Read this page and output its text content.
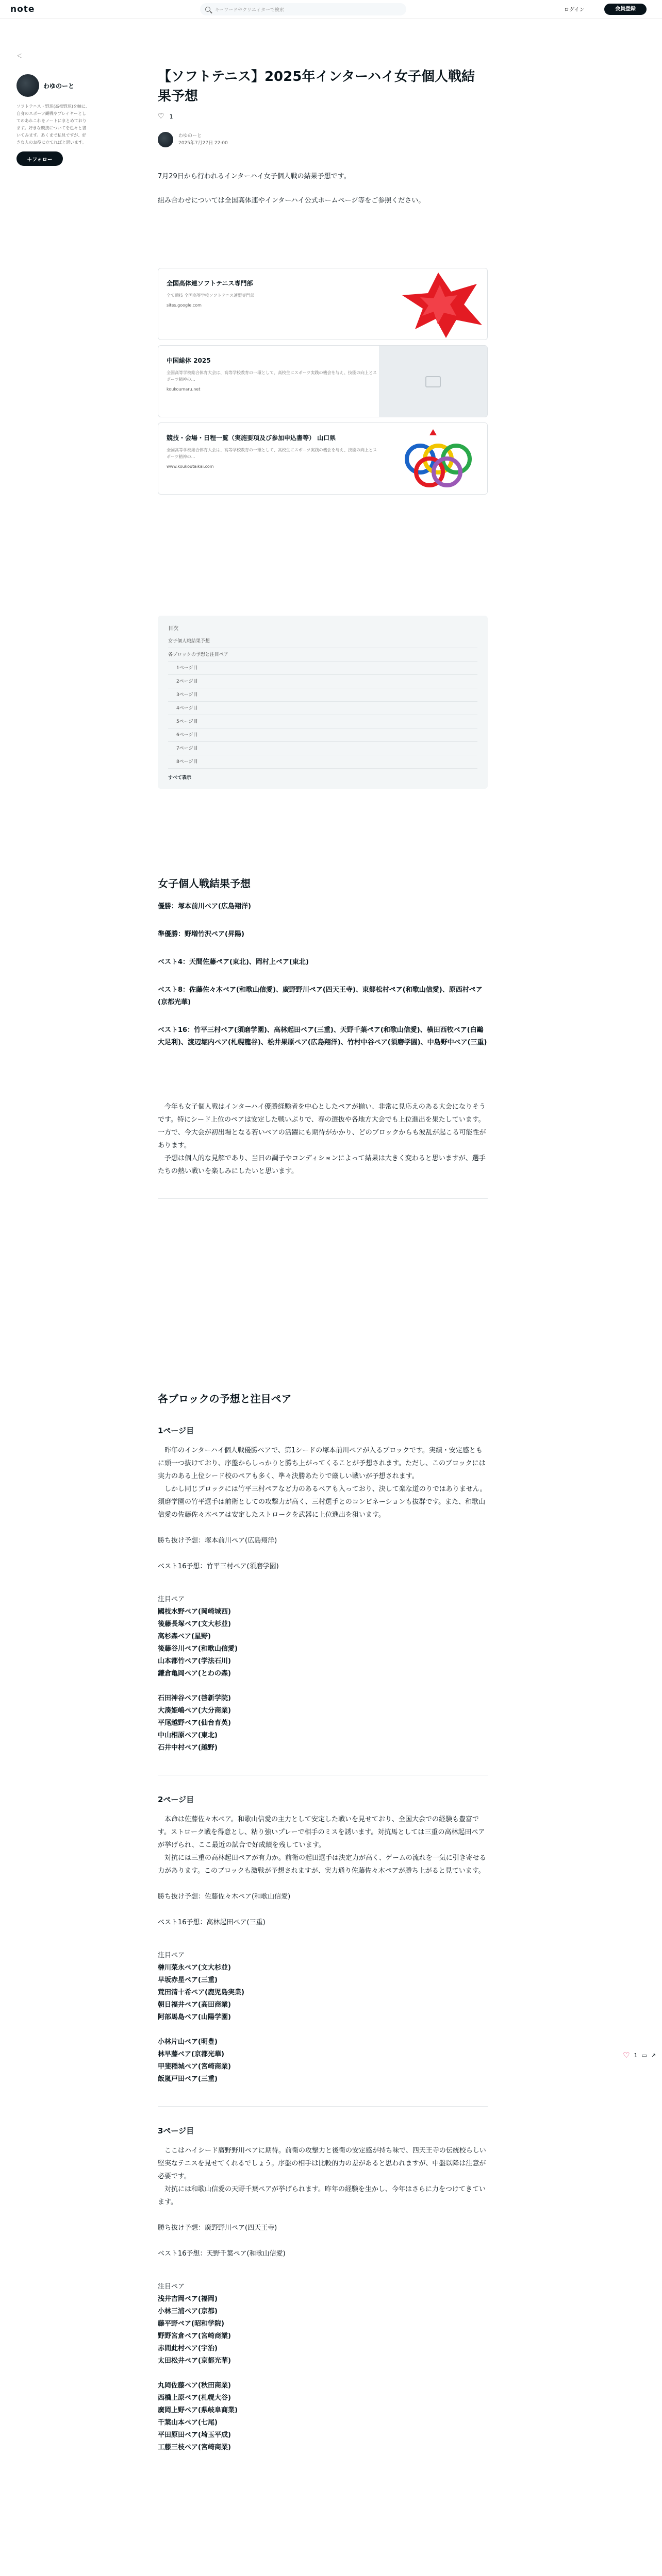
note	キーワードやクリエイターで検索	ログイン	会員登録
＜
わゆのーと
ソフトテニス・野球(高校野球)を軸に、自身のスポーツ観戦やプレイヤーとしてのあれこれをノートにまとめております。好きな競技についてを色々と書いてみます。あくまで私見ですが、好きな人のお役に立てればと思います。
＋フォロー
【ソフトテニス】2025年インターハイ女子個人戦結果予想
♡ 1
わゆのーと
2025年7月27日 22:00

7月29日から行われるインターハイ女子個人戦の結果予想です。

組み合わせについては全国高体連やインターハイ公式ホームページ等をご参照ください。

全国高体連ソフトテニス専門部
全て競技 全国高等学校ソフトテニス連盟専門部
sites.google.com
中国総体 2025
全国高等学校総合体育大会は、高等学校教育の一環として、高校生にスポーツ実践の機会を与え、技能の向上とスポーツ精神の…
koukoumaru.net
競技・会場・日程一覧（実施要項及び参加申込書等） 山口県
全国高等学校総合体育大会は、高等学校教育の一環として、高校生にスポーツ実践の機会を与え、技能の向上とスポーツ精神の…
www.koukoutaikai.com
目次
女子個人戦結果予想
各ブロックの予想と注目ペア
1ページ目
2ページ目
3ページ目
4ページ目
5ページ目
6ページ目
7ページ目
8ページ目
すべて表示
女子個人戦結果予想
優勝：塚本前川ペア(広島翔洋)
準優勝：野増竹沢ペア(昇陽)
ベスト4：天間佐藤ペア(東北)、岡村上ペア(東北)
ベスト8：佐藤佐々木ペア(和歌山信愛)、廣野野川ペア(四天王寺)、東郷松村ペア(和歌山信愛)、原西村ペア(京都光華)
ベスト16：竹平三村ペア(須磨学園)、高林起田ペア(三重)、天野千葉ペア(和歌山信愛)、横田西牧ペア(白鷗大足利)、渡辺堀内ペア(札幌龍谷)、松井果原ペア(広島翔洋)、竹村中谷ペア(須磨学園)、中島野中ペア(三重)

　今年も女子個人戦はインターハイ優勝経験者を中心としたペアが揃い、非常に見応えのある大会になりそうです。特にシード上位のペアは安定した戦いぶりで、春の選抜や各地方大会でも上位進出を果たしています。一方で、今大会が初出場となる若いペアの活躍にも期待がかかり、どのブロックからも波乱が起こる可能性があります。

　予想は個人的な見解であり、当日の調子やコンディションによって結果は大きく変わると思いますが、選手たちの熱い戦いを楽しみにしたいと思います。

各ブロックの予想と注目ペア
1ページ目

　昨年のインターハイ個人戦優勝ペアで、第1シードの塚本前川ペアが入るブロックです。実績・安定感ともに頭一つ抜けており、序盤からしっかりと勝ち上がってくることが予想されます。ただし、このブロックには実力のある上位シード校のペアも多く、準々決勝あたりで厳しい戦いが予想されます。

　しかし同じブロックには竹平三村ペアなど力のあるペアも入っており、決して楽な道のりではありません。須磨学園の竹平選手は前衛としての攻撃力が高く、三村選手とのコンビネーションも抜群です。また、和歌山信愛の佐藤佐々木ペアは安定したストロークを武器に上位進出を狙います。

勝ち抜け予想：塚本前川ペア(広島翔洋)
ベスト16予想：竹平三村ペア(須磨学園)
注目ペア
國枝水野ペア(岡崎城西)
後藤長塚ペア(文大杉並)
高杉森ペア(星野)
後藤谷川ペア(和歌山信愛)
山本都竹ペア(学法石川)
鎌倉亀岡ペア(とわの森)
石田神谷ペア(啓新学院)
大湊姫嶋ペア(大分商業)
平尾越野ペア(仙台育英)
中山相原ペア(東北)
石井中村ペア(越野)
2ページ目

　本命は佐藤佐々木ペア。和歌山信愛の主力として安定した戦いを見せており、全国大会での経験も豊富です。ストローク戦を得意とし、粘り強いプレーで相手のミスを誘います。対抗馬としては三重の高林起田ペアが挙げられ、ここ最近の試合で好成績を残しています。

　対抗には三重の高林起田ペアが有力か。前衛の起田選手は決定力が高く、ゲームの流れを一気に引き寄せる力があります。このブロックも激戦が予想されますが、実力通り佐藤佐々木ペアが勝ち上がると見ています。

勝ち抜け予想：佐藤佐々木ペア(和歌山信愛)
ベスト16予想：高林起田ペア(三重)
注目ペア
榊川菜永ペア(文大杉並)
早坂赤星ペア(三重)
荒田清十希ペア(鹿児島実業)
朝日福井ペア(高田商業)
阿部馬島ペア(山陽学園)
小林片山ペア(明豊)
林早藤ペア(京都光華)
甲斐稲城ペア(宮崎商業)
飯嵐戸田ペア(三重)
3ページ目

　ここはハイシード廣野野川ペアに期待。前衛の攻撃力と後衛の安定感が持ち味で、四天王寺の伝統校らしい堅実なテニスを見せてくれるでしょう。序盤の相手は比較的力の差があると思われますが、中盤以降は注意が必要です。

　対抗には和歌山信愛の天野千葉ペアが挙げられます。昨年の経験を生かし、今年はさらに力をつけてきています。

勝ち抜け予想：廣野野川ペア(四天王寺)
ベスト16予想：天野千葉ペア(和歌山信愛)
注目ペア
浅井吉岡ペア(福岡)
小林三浦ペア(京都)
藤平野ペア(昭和学院)
野野宮倉ペア(宮崎商業)
赤間此村ペア(宇治)
太田松井ペア(京都光華)
丸岡佐藤ペア(秋田商業)
西橋上原ペア(札幌大谷)
廣岡上野ペア(県岐阜商業)
千葉山本ペア(七尾)
平田原田ペア(埼玉平成)
工藤三枝ペア(宮崎商業)
♡ 1 ▭ ↗
